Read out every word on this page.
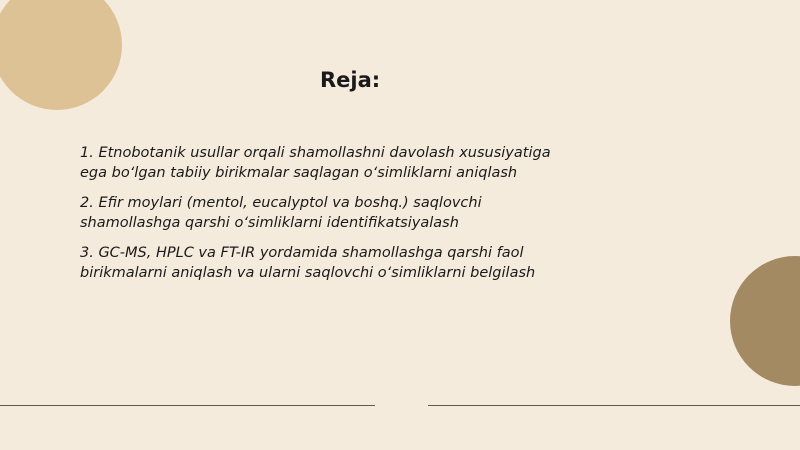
Reja:
1. Etnobotanik usullar orqali shamollashni davolash xususiyatiga
ega bo‘lgan tabiiy birikmalar saqlagan o‘simliklarni aniqlash
2. Efir moylari (mentol, eucalyptol va boshq.) saqlovchi
shamollashga qarshi o‘simliklarni identifikatsiyalash
3. GC-MS, HPLC va FT-IR yordamida shamollashga qarshi faol
birikmalarni aniqlash va ularni saqlovchi o‘simliklarni belgilash
